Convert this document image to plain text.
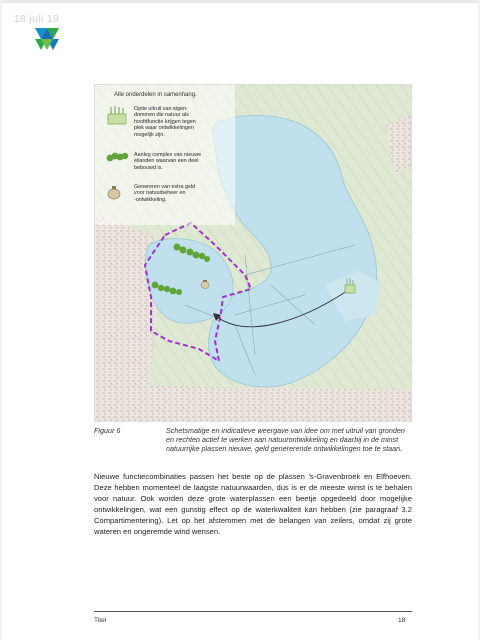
18 juli 19
Alle onderdelen in samenhang.
Optie uitruil van eigen-
dommen die natuur als
hoofdfunctie krijgen tegen
plek waar ontwikkelingen
mogelijk zijn.
Aanleg complex van nieuwe
eilanden waarvan een deel
bebouwd is.
Genereren van extra geld
voor natuurbeheer en
-ontwikkeling.
Figuur 6	Schetsmatige en indicatieve weergave van idee om met uitruil van gronden en rechten actief te werken aan natuurontwikkeling en daarbij in de minst natuurrijke plassen nieuwe, geld genererende ontwikkelingen toe te staan.
Nieuwe functiecombinaties passen het beste op de plassen 's-Gravenbroek en Elfhoeven. Deze hebben momenteel de laagste natuurwaarden, dus is er de meeste winst is te behalen voor natuur. Ook worden deze grote waterplassen een beetje opgedeeld door mogelijke ontwikkelingen, wat een gunstig effect op de waterkwaliteit kan hebben (zie paragraaf 3.2 Compartimentering). Let op het afstemmen met de belangen van zeilers, omdat zij grote wateren en ongeremde wind wensen.
Titel	18
